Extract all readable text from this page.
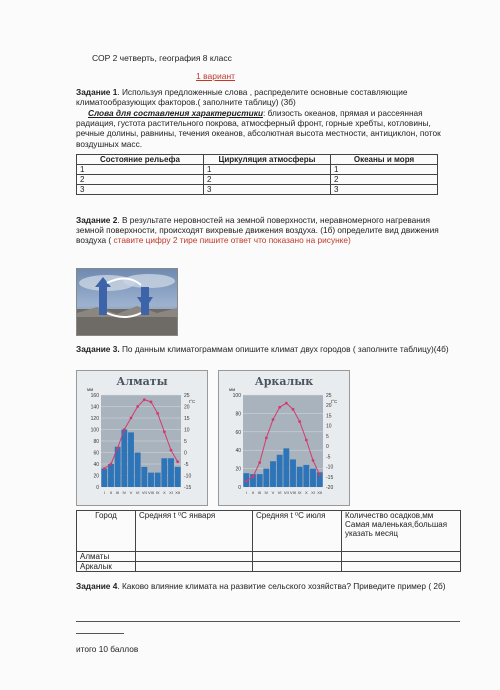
СОР 2 четверть, география 8 класс
1 вариант
Задание 1. Используя предложенные слова , распределите основные составляющие климатообразующих факторов.( заполните таблицу) (3б)
Слова для составления характеристики: близость океанов, прямая и рассеянная радиация, густота растительного покрова, атмосферный фронт, горные хребты, котловины, речные долины, равнины, течения океанов, абсолютная высота местности, антициклон, поток воздушных масс.
Состояние рельефа	Циркуляция атмосферы	Океаны и моря
1	1	1
2	2	2
3	3	3
Задание 2. В результате неровностей на земной поверхности, неравномерного нагревания земной поверхности, происходят вихревые движения воздуха. (1б) определите вид движения воздуха ( ставите цифру 2 тире пишите ответ что показано на рисунке)
Задание 3. По данным климатограммам опишите климат двух городов ( заполните таблицу)(4б)
Алматы
160
140
120
100
80
60
40
20
0
25
20
15
10
5
0
-5
-10
-15
мм
t°C
I II III IV V VI VII VIII IX X XI XII
Аркалык
100
80
60
40
20
0
25
20
15
10
5
0
-5
-10
-15
-20
мм
t°C
I II III IV V VI VII VIII IX X XI XII
Город	Средняя t ⁰С января	Средняя t ⁰С июля	Количество осадков,мм Самая маленькая,большая указать месяц
Алматы			
Аркалык			
Задание 4. Каково влияние климата на развитие сельского хозяйства? Приведите пример ( 2б)
итого 10 баллов
